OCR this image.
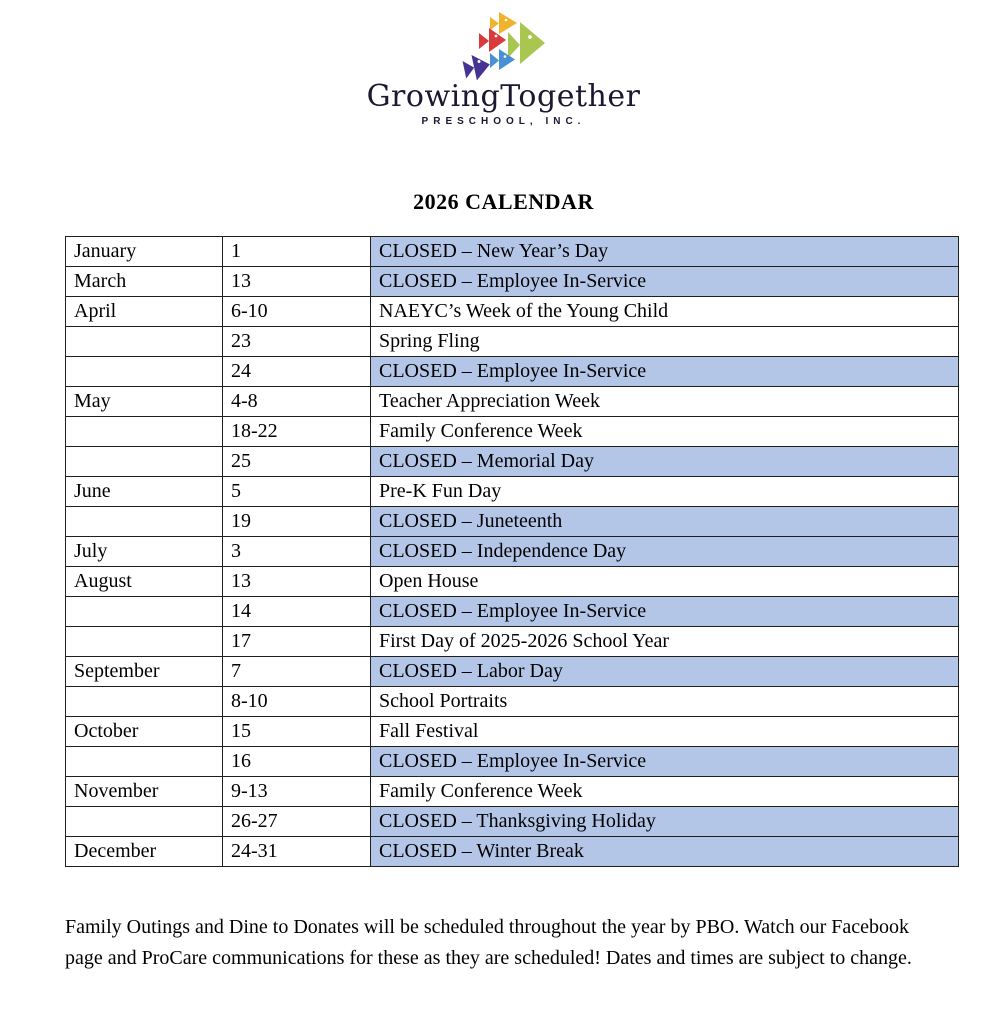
GrowingTogether
PRESCHOOL, INC.
2026 CALENDAR
January	1	CLOSED – New Year’s Day
March	13	CLOSED – Employee In-Service
April	6-10	NAEYC’s Week of the Young Child
	23	Spring Fling
	24	CLOSED – Employee In-Service
May	4-8	Teacher Appreciation Week
	18-22	Family Conference Week
	25	CLOSED – Memorial Day
June	5	Pre-K Fun Day
	19	CLOSED – Juneteenth
July	3	CLOSED – Independence Day
August	13	Open House
	14	CLOSED – Employee In-Service
	17	First Day of 2025-2026 School Year
September	7	CLOSED – Labor Day
	8-10	School Portraits
October	15	Fall Festival
	16	CLOSED – Employee In-Service
November	9-13	Family Conference Week
	26-27	CLOSED – Thanksgiving Holiday
December	24-31	CLOSED – Winter Break

Family Outings and Dine to Donates will be scheduled throughout the year by PBO. Watch our Facebook page and ProCare communications for these as they are scheduled! Dates and times are subject to change.
